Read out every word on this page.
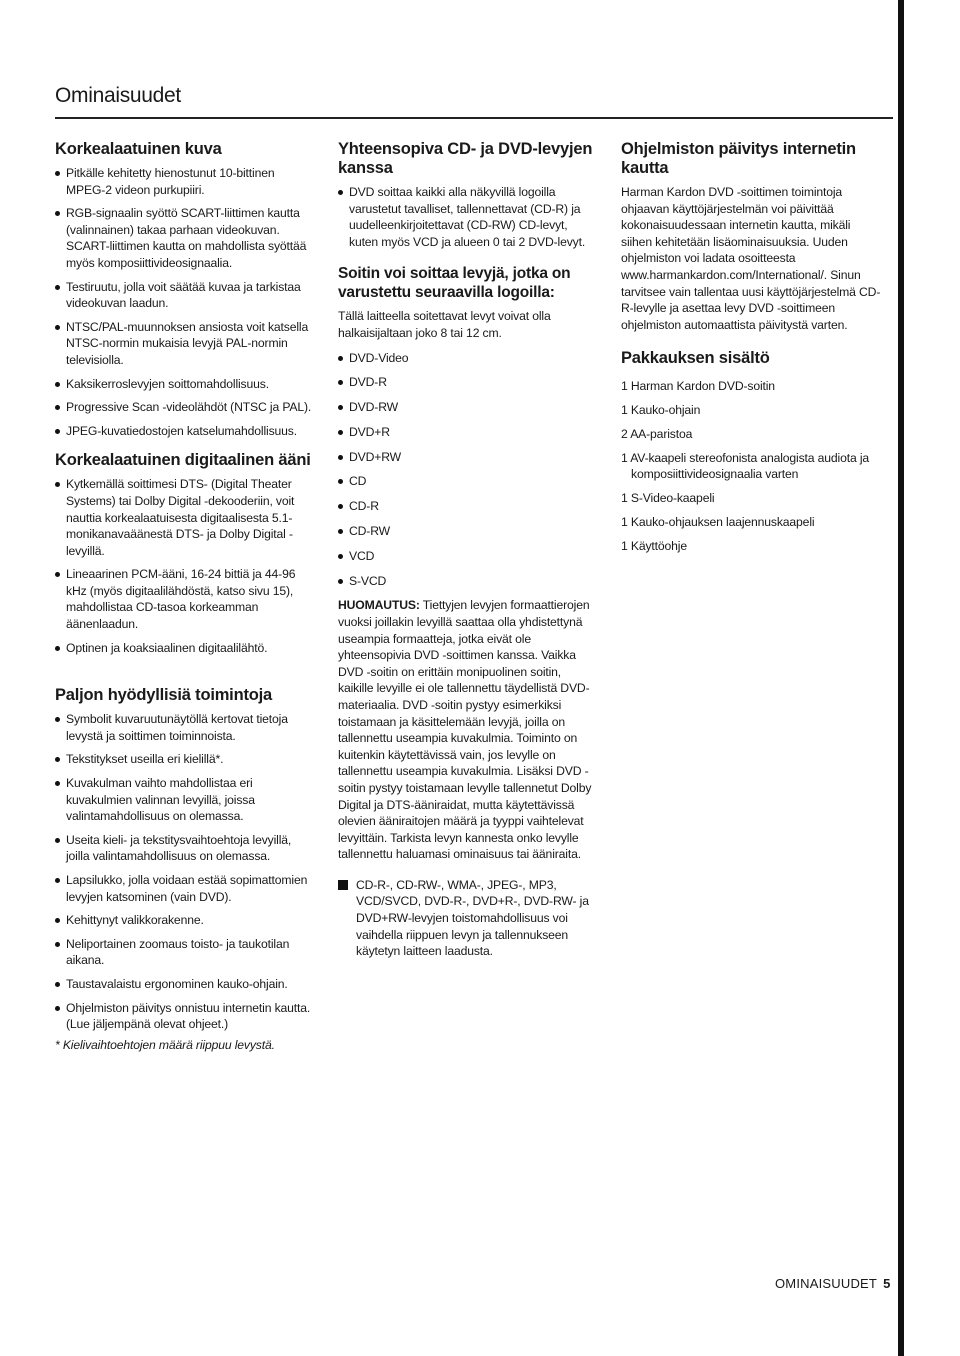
Ominaisuudet
Korkealaatuinen kuva
Pitkälle kehitetty hienostunut 10-bittinen MPEG-2 videon purkupiiri.
RGB-signaalin syöttö SCART-liittimen kautta (valinnainen) takaa parhaan videokuvan. SCART-liittimen kautta on mahdollista syöttää myös komposiittivideosignaalia.
Testiruutu, jolla voit säätää kuvaa ja tarkistaa videokuvan laadun.
NTSC/PAL-muunnoksen ansiosta voit katsella NTSC-normin mukaisia levyjä PAL-normin televisiolla.
Kaksikerroslevyjen soittomahdollisuus.
Progressive Scan -videolähdöt (NTSC ja PAL).
JPEG-kuvatiedostojen katselumahdollisuus.
Korkealaatuinen digitaalinen ääni
Kytkemällä soittimesi DTS- (Digital Theater Systems) tai Dolby Digital -dekooderiin, voit nauttia korkealaatuisesta digitaalisesta 5.1-monikanavaäänestä DTS- ja Dolby Digital -levyillä.
Lineaarinen PCM-ääni, 16-24 bittiä ja 44-96 kHz (myös digitaalilähdöstä, katso sivu 15), mahdollistaa CD-tasoa korkeamman äänenlaadun.
Optinen ja koaksiaalinen digitaalilähtö.
Paljon hyödyllisiä toimintoja
Symbolit kuvaruutunäytöllä kertovat tietoja levystä ja soittimen toiminnoista.
Tekstitykset useilla eri kielillä*.
Kuvakulman vaihto mahdollistaa eri kuvakulmien valinnan levyillä, joissa valintamahdollisuus on olemassa.
Useita kieli- ja tekstitysvaihtoehtoja levyillä, joilla valintamahdollisuus on olemassa.
Lapsilukko, jolla voidaan estää sopimattomien levyjen katsominen (vain DVD).
Kehittynyt valikkorakenne.
Neliportainen zoomaus toisto- ja taukotilan aikana.
Taustavalaistu ergonominen kauko-ohjain.
Ohjelmiston päivitys onnistuu internetin kautta. (Lue jäljempänä olevat ohjeet.)
* Kielivaihtoehtojen määrä riippuu levystä.
Yhteensopiva CD- ja DVD-levyjen kanssa
DVD soittaa kaikki alla näkyvillä logoilla varustetut tavalliset, tallennettavat (CD-R) ja uudelleenkirjoitettavat (CD-RW) CD-levyt, kuten myös VCD ja alueen 0 tai 2 DVD-levyt.
Soitin voi soittaa levyjä, jotka on varustettu seuraavilla logoilla:

Tällä laitteella soitettavat levyt voivat olla halkaisijaltaan joko 8 tai 12 cm.

DVD-Video
DVD-R
DVD-RW
DVD+R
DVD+RW
CD
CD-R
CD-RW
VCD
S-VCD

HUOMAUTUS: Tiettyjen levyjen formaattierojen vuoksi joillakin levyillä saattaa olla yhdistettynä useampia formaatteja, jotka eivät ole yhteensopivia DVD -soittimen kanssa. Vaikka DVD -soitin on erittäin monipuolinen soitin, kaikille levyille ei ole tallennettu täydellistä DVD-materiaalia. DVD -soitin pystyy esimerkiksi toistamaan ja käsittelemään levyjä, joilla on tallennettu useampia kuvakulmia. Toiminto on kuitenkin käytettävissä vain, jos levylle on tallennettu useampia kuvakulmia. Lisäksi DVD -soitin pystyy toistamaan levylle tallennetut Dolby Digital ja DTS-ääniraidat, mutta käytettävissä olevien ääniraitojen määrä ja tyyppi vaihtelevat levyittäin. Tarkista levyn kannesta onko levylle tallennettu haluamasi ominaisuus tai ääniraita.

CD-R-, CD-RW-, WMA-, JPEG-, MP3, VCD/SVCD, DVD-R-, DVD+R-, DVD-RW- ja DVD+RW-levyjen toistomahdollisuus voi vaihdella riippuen levyn ja tallennukseen käytetyn laitteen laadusta.
Ohjelmiston päivitys internetin kautta

Harman Kardon DVD -soittimen toimintoja ohjaavan käyttöjärjestelmän voi päivittää kokonaisuudessaan internetin kautta, mikäli siihen kehitetään lisäominaisuuksia. Uuden ohjelmiston voi ladata osoitteesta www.harmankardon.com/International/. Sinun tarvitsee vain tallentaa uusi käyttöjärjestelmä CD-R-levylle ja asettaa levy DVD -soittimeen ohjelmiston automaattista päivitystä varten.

Pakkauksen sisältö
1 Harman Kardon DVD-soitin
1 Kauko-ohjain
2 AA-paristoa
1 AV-kaapeli stereofonista analogista audiota ja komposiittivideosignaalia varten
1 S-Video-kaapeli
1 Kauko-ohjauksen laajennuskaapeli
1 Käyttöohje
OMINAISUUDET 5
